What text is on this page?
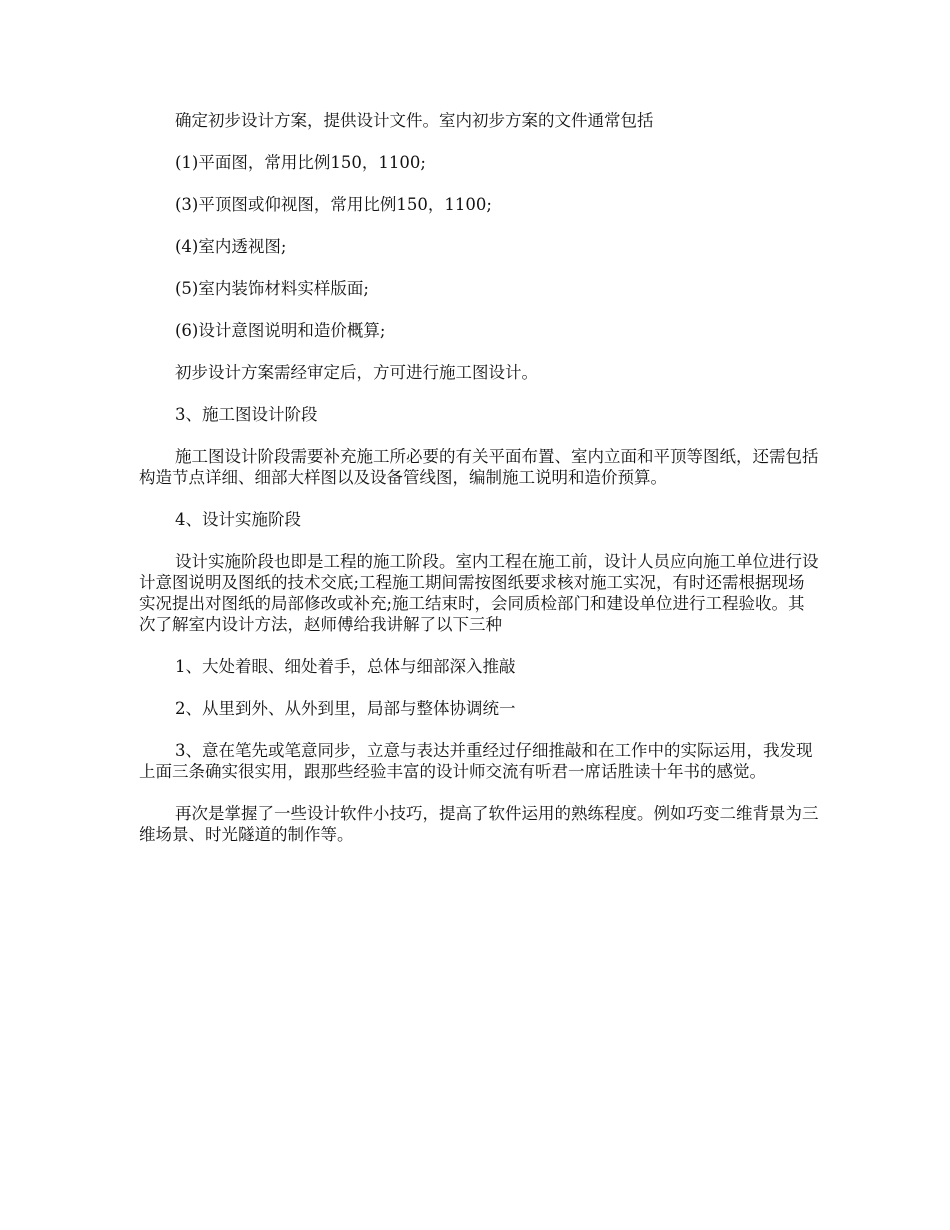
确定初步设计方案，提供设计文件。室内初步方案的文件通常包括

(1)平面图，常用比例150，1100;

(3)平顶图或仰视图，常用比例150，1100;

(4)室内透视图;

(5)室内装饰材料实样版面;

(6)设计意图说明和造价概算;

初步设计方案需经审定后，方可进行施工图设计。

3、施工图设计阶段

施工图设计阶段需要补充施工所必要的有关平面布置、室内立面和平顶等图纸，还需包括构造节点详细、细部大样图以及设备管线图，编制施工说明和造价预算。

4、设计实施阶段

设计实施阶段也即是工程的施工阶段。室内工程在施工前，设计人员应向施工单位进行设计意图说明及图纸的技术交底;工程施工期间需按图纸要求核对施工实况，有时还需根据现场实况提出对图纸的局部修改或补充;施工结束时，会同质检部门和建设单位进行工程验收。其次了解室内设计方法，赵师傅给我讲解了以下三种

1、大处着眼、细处着手，总体与细部深入推敲

2、从里到外、从外到里，局部与整体协调统一

3、意在笔先或笔意同步，立意与表达并重经过仔细推敲和在工作中的实际运用，我发现上面三条确实很实用，跟那些经验丰富的设计师交流有听君一席话胜读十年书的感觉。

再次是掌握了一些设计软件小技巧，提高了软件运用的熟练程度。例如巧变二维背景为三维场景、时光隧道的制作等。
